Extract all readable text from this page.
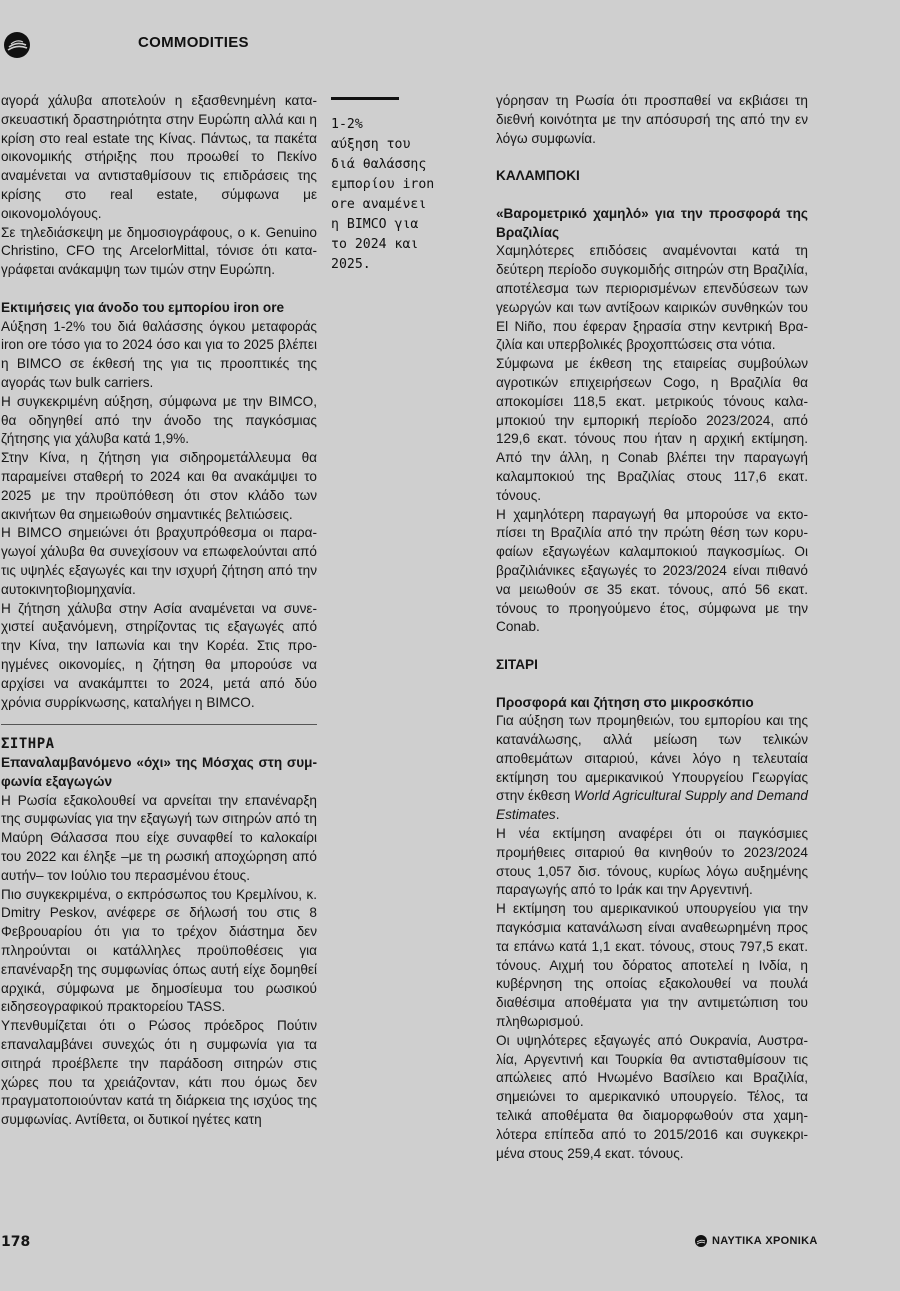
COMMODITIES

αγορά χάλυβα αποτελούν η εξασθενημένη κατασκευαστική δραστηριότητα στην Ευρώπη αλλά και η κρίση στο real estate της Κίνας. Πάντως, τα πακέτα οικονομικής στήριξης που προωθεί το Πεκίνο αναμένεται να αντισταθμίσουν τις επιδράσεις της κρίσης στο real estate, σύμφωνα με οικονομολόγους.

Σε τηλεδιάσκεψη με δημοσιογράφους, ο κ. Genuino Christino, CFO της ArcelorMittal, τόνισε ότι καταγράφεται ανάκαμψη των τιμών στην Ευρώπη.

Εκτιμήσεις για άνοδο του εμπορίου iron ore

Αύξηση 1-2% του διά θαλάσσης όγκου μεταφοράς iron ore τόσο για το 2024 όσο και για το 2025 βλέπει η BIMCO σε έκθεσή της για τις προοπτικές της αγοράς των bulk carriers.

Η συγκεκριμένη αύξηση, σύμφωνα με την BIMCO, θα οδηγηθεί από την άνοδο της παγκόσμιας ζήτησης για χάλυβα κατά 1,9%.

Στην Κίνα, η ζήτηση για σιδηρομετάλλευμα θα παραμείνει σταθερή το 2024 και θα ανακάμψει το 2025 με την προϋπόθεση ότι στον κλάδο των ακινήτων θα σημειωθούν σημαντικές βελτιώσεις.

Η BIMCO σημειώνει ότι βραχυπρόθεσμα οι παραγωγοί χάλυβα θα συνεχίσουν να επωφελούνται από τις υψηλές εξαγωγές και την ισχυρή ζήτηση από την αυτοκινητοβιομηχανία.

Η ζήτηση χάλυβα στην Ασία αναμένεται να συνεχιστεί αυξανόμενη, στηρίζοντας τις εξαγωγές από την Κίνα, την Ιαπωνία και την Κορέα. Στις προηγμένες οικονομίες, η ζήτηση θα μπορούσε να αρχίσει να ανακάμπτει το 2024, μετά από δύο χρόνια συρρίκνωσης, καταλήγει η BIMCO.

ΣΙΤΗΡΑ

Επαναλαμβανόμενο «όχι» της Μόσχας στη συμφωνία εξαγωγών

Η Ρωσία εξακολουθεί να αρνείται την επανέναρξη της συμφωνίας για την εξαγωγή των σιτηρών από τη Μαύρη Θάλασσα που είχε συναφθεί το καλοκαίρι του 2022 και έληξε –με τη ρωσική αποχώρηση από αυτήν– τον Ιούλιο του περασμένου έτους.

Πιο συγκεκριμένα, ο εκπρόσωπος του Κρεμλίνου, κ. Dmitry Peskov, ανέφερε σε δήλωσή του στις 8 Φεβρουαρίου ότι για το τρέχον διάστημα δεν πληρούνται οι κατάλληλες προϋποθέσεις για επανέναρξη της συμφωνίας όπως αυτή είχε δομηθεί αρχικά, σύμφωνα με δημοσίευμα του ρωσικού ειδησεογραφικού πρακτορείου TASS.

Υπενθυμίζεται ότι ο Ρώσος πρόεδρος Πούτιν επαναλαμβάνει συνεχώς ότι η συμφωνία για τα σιτηρά προέβλεπε την παράδοση σιτηρών στις χώρες που τα χρειάζονταν, κάτι που όμως δεν πραγματοποιούνταν κατά τη διάρκεια της ισχύος της συμφωνίας. Αντίθετα, οι δυτικοί ηγέτες κατη

1-2%
αύξηση του
διά θαλάσσης
εμπορίου iron
ore αναμένει
η BIMCO για
το 2024 και
2025.

γόρησαν τη Ρωσία ότι προσπαθεί να εκβιάσει τη διεθνή κοινότητα με την απόσυρσή της από την εν λόγω συμφωνία.

ΚΑΛΑΜΠΟΚΙ

«Βαρομετρικό χαμηλό» για την προσφορά της Βραζιλίας

Χαμηλότερες επιδόσεις αναμένονται κατά τη δεύτερη περίοδο συγκομιδής σιτηρών στη Βραζιλία, αποτέλεσμα των περιορισμένων επενδύσεων των γεωργών και των αντίξοων καιρικών συνθηκών του El Niño, που έφεραν ξηρασία στην κεντρική Βραζιλία και υπερβολικές βροχοπτώσεις στα νότια.

Σύμφωνα με έκθεση της εταιρείας συμβούλων αγροτικών επιχειρήσεων Cogo, η Βραζιλία θα αποκομίσει 118,5 εκατ. μετρικούς τόνους καλαμποκιού την εμπορική περίοδο 2023/2024, από 129,6 εκατ. τόνους που ήταν η αρχική εκτίμηση. Από την άλλη, η Conab βλέπει την παραγωγή καλαμποκιού της Βραζιλίας στους 117,6 εκατ. τόνους.

Η χαμηλότερη παραγωγή θα μπορούσε να εκτοπίσει τη Βραζιλία από την πρώτη θέση των κορυφαίων εξαγωγέων καλαμποκιού παγκοσμίως. Οι βραζιλιάνικες εξαγωγές το 2023/2024 είναι πιθανό να μειωθούν σε 35 εκατ. τόνους, από 56 εκατ. τόνους το προηγούμενο έτος, σύμφωνα με την Conab.

ΣΙΤΑΡΙ

Προσφορά και ζήτηση στο μικροσκόπιο

Για αύξηση των προμηθειών, του εμπορίου και της κατανάλωσης, αλλά μείωση των τελικών αποθεμάτων σιταριού, κάνει λόγο η τελευταία εκτίμηση του αμερικανικού Υπουργείου Γεωργίας στην έκθεση World Agricultural Supply and Demand Estimates.

Η νέα εκτίμηση αναφέρει ότι οι παγκόσμιες προμήθειες σιταριού θα κινηθούν το 2023/2024 στους 1,057 δισ. τόνους, κυρίως λόγω αυξημένης παραγωγής από το Ιράκ και την Αργεντινή.

Η εκτίμηση του αμερικανικού υπουργείου για την παγκόσμια κατανάλωση είναι αναθεωρημένη προς τα επάνω κατά 1,1 εκατ. τόνους, στους 797,5 εκατ. τόνους. Αιχμή του δόρατος αποτελεί η Ινδία, η κυβέρνηση της οποίας εξακολουθεί να πουλά διαθέσιμα αποθέματα για την αντιμετώπιση του πληθωρισμού.

Οι υψηλότερες εξαγωγές από Ουκρανία, Αυστραλία, Αργεντινή και Τουρκία θα αντισταθμίσουν τις απώλειες από Ηνωμένο Βασίλειο και Βραζιλία, σημειώνει το αμερικανικό υπουργείο. Τέλος, τα τελικά αποθέματα θα διαμορφωθούν στα χαμηλότερα επίπεδα από το 2015/2016 και συγκεκριμένα στους 259,4 εκατ. τόνους.

178	ΝΑΥΤΙΚΑ ΧΡΟΝΙΚΑ
